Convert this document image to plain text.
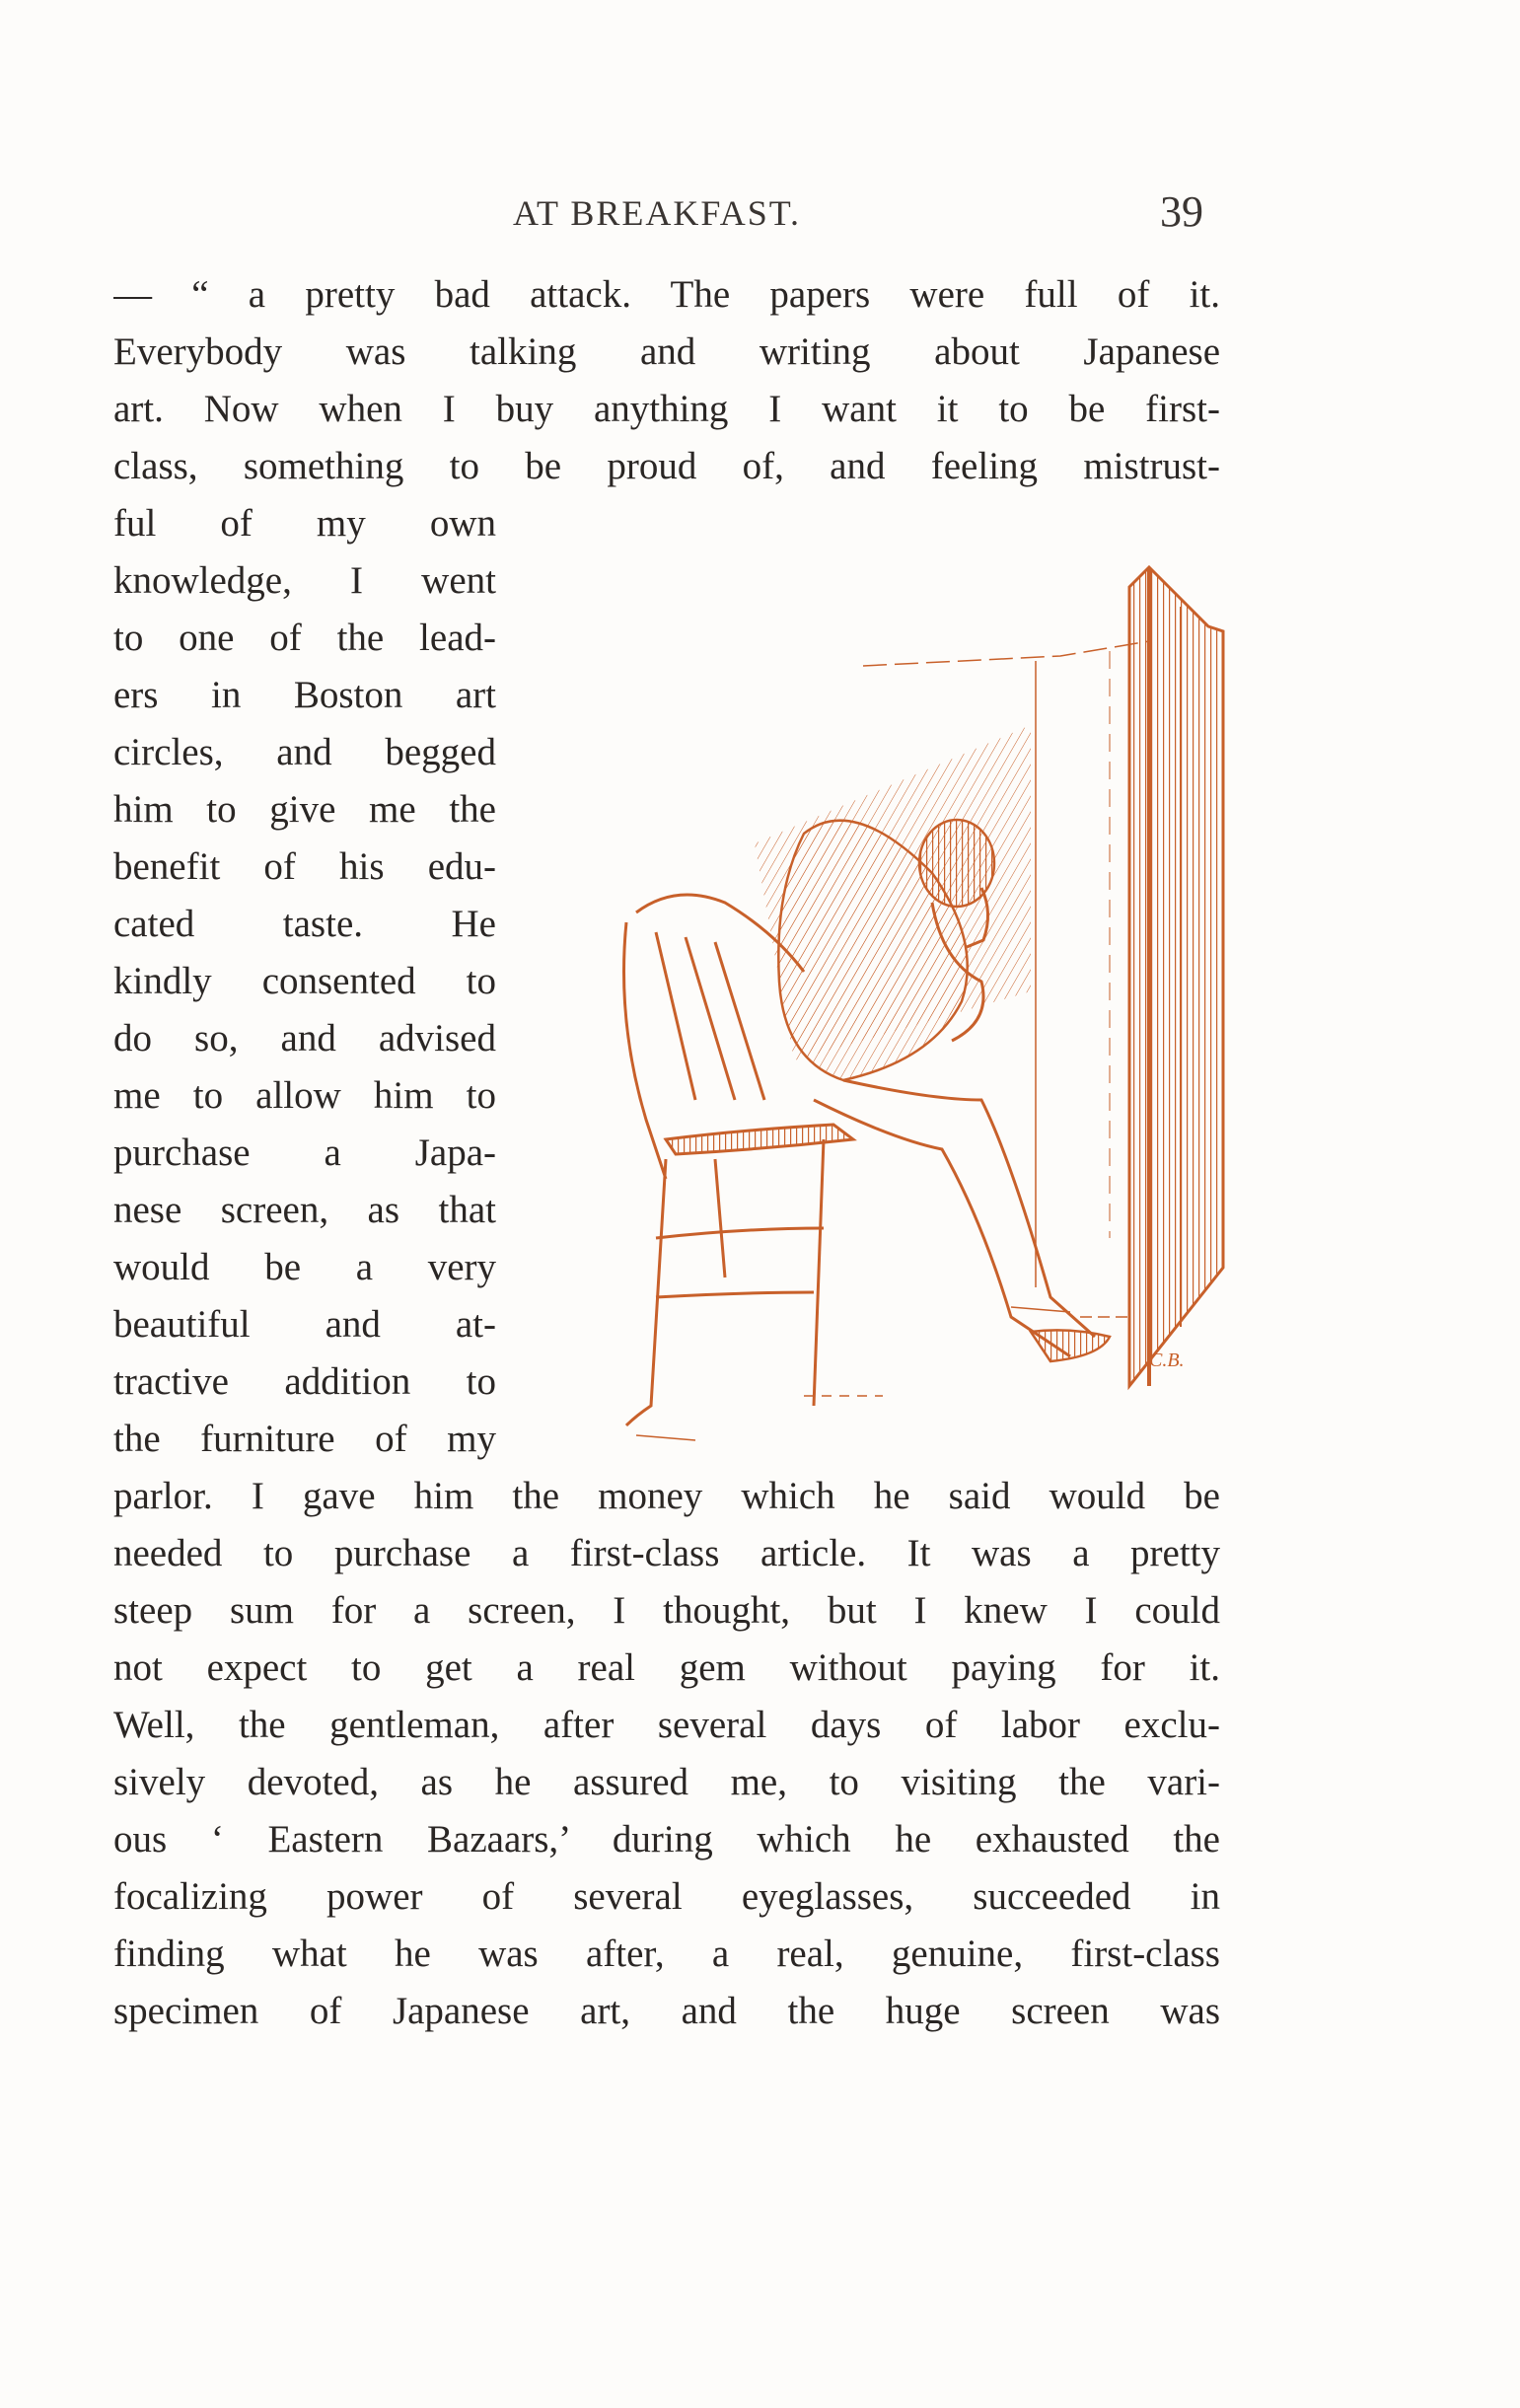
AT BREAKFAST.	39
— “ a pretty bad attack. The papers were full of it.
Everybody was talking and writing about Japanese
art. Now when I buy anything I want it to be first-
class, something to be proud of, and feeling mistrust-
ful of my own
knowledge, I went
to one of the lead-
ers in Boston art
circles, and begged
him to give me the
benefit of his edu-
cated taste. He
kindly consented to
do so, and advised
me to allow him to
purchase a Japa-
nese screen, as that
would be a very
beautiful and at-
tractive addition to
the furniture of my
parlor. I gave him the money which he said would be
needed to purchase a first-class article. It was a pretty
steep sum for a screen, I thought, but I knew I could
not expect to get a real gem without paying for it.
Well, the gentleman, after several days of labor exclu-
sively devoted, as he assured me, to visiting the vari-
ous ‘ Eastern Bazaars,’ during which he exhausted the
focalizing power of several eyeglasses, succeeded in
finding what he was after, a real, genuine, first-class
specimen of Japanese art, and the huge screen was
C.B.
